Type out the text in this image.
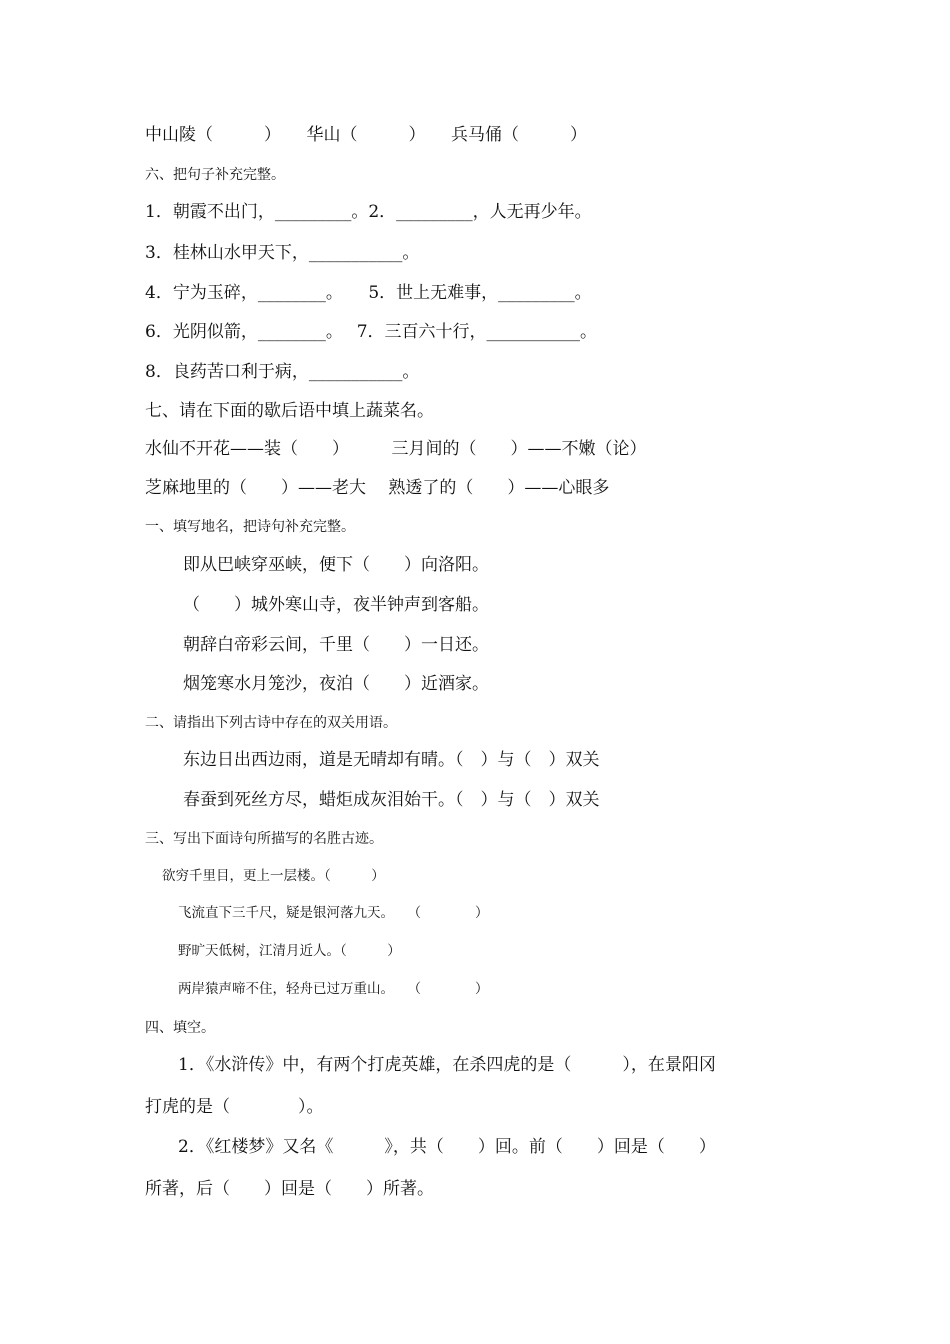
中山陵（　　　）　　华山（　　　）　　兵马俑（　　　）
六、把句子补充完整。
1．朝霞不出门，_________。2．_________，人无再少年。
3．桂林山水甲天下，___________。
4．宁为玉碎，________。　　5．世上无难事，_________。
6．光阴似箭，________。　 7．三百六十行，___________。
8．良药苦口利于病，___________。
七、请在下面的歇后语中填上蔬菜名。
水仙不开花——装（　　）　　　三月间的（　　）——不嫩（论）
芝麻地里的（　　）——老大　 熟透了的（　　）——心眼多
一、填写地名，把诗句补充完整。
即从巴峡穿巫峡，便下（　　）向洛阳。
（　　）城外寒山寺，夜半钟声到客船。
朝辞白帝彩云间，千里（　　）一日还。
烟笼寒水月笼沙，夜泊（　　）近酒家。
二、请指出下列古诗中存在的双关用语。
东边日出西边雨，道是无晴却有晴。（　）与（　）双关
春蚕到死丝方尽，蜡炬成灰泪始干。（　）与（　）双关
三、写出下面诗句所描写的名胜古迹。
欲穷千里目，更上一层楼。（　　　）
飞流直下三千尺，疑是银河落九天。　　（　　　　）
野旷天低树，江清月近人。（　　　）
两岸猿声啼不住，轻舟已过万重山。　　（　　　　）
四、填空。
1．《水浒传》中，有两个打虎英雄，在杀四虎的是（　　　），在景阳冈
打虎的是（　　　　）。
2．《红楼梦》又名《　　　》，共（　　）回。前（　　）回是（　　）
所著，后（　　）回是（　　）所著。
